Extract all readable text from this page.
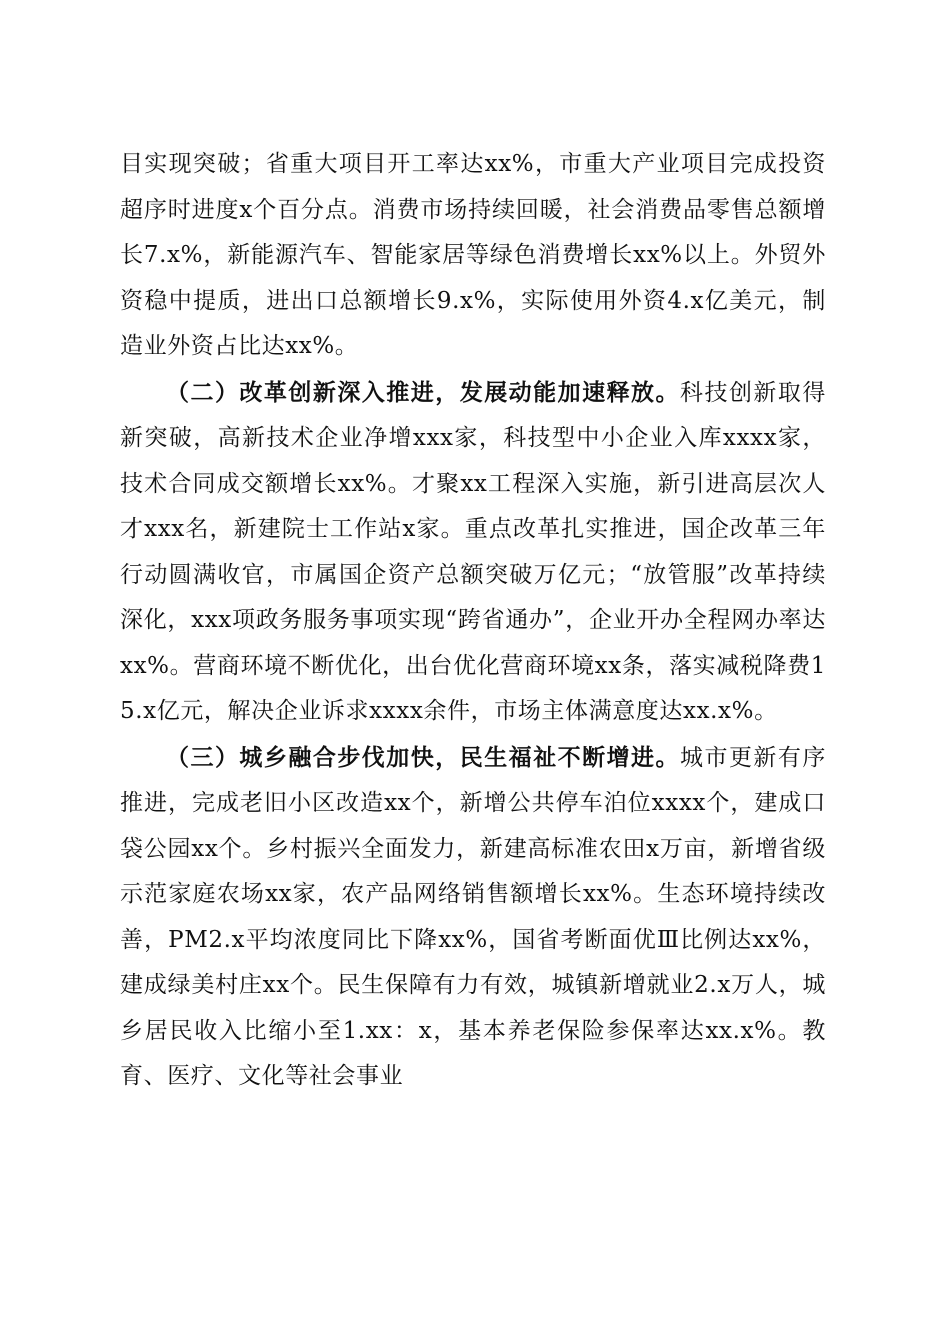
目实现突破；省重大项目开工率达xx%，市重大产业项目完成投资超序时进度x个百分点。消费市场持续回暖，社会消费品零售总额增长7.x%，新能源汽车、智能家居等绿色消费增长xx%以上。外贸外资稳中提质，进出口总额增长9.x%，实际使用外资4.x亿美元，制造业外资占比达xx%。

（二）改革创新深入推进，发展动能加速释放。科技创新取得新突破，高新技术企业净增xxx家，科技型中小企业入库xxxx家，技术合同成交额增长xx%。才聚xx工程深入实施，新引进高层次人才xxx名，新建院士工作站x家。重点改革扎实推进，国企改革三年行动圆满收官，市属国企资产总额突破万亿元；“放管服”改革持续深化，xxx项政务服务事项实现“跨省通办”，企业开办全程网办率达xx%。营商环境不断优化，出台优化营商环境xx条，落实减税降费15.x亿元，解决企业诉求xxxx余件，市场主体满意度达xx.x%。

（三）城乡融合步伐加快，民生福祉不断增进。城市更新有序推进，完成老旧小区改造xx个，新增公共停车泊位xxxx个，建成口袋公园xx个。乡村振兴全面发力，新建高标准农田x万亩，新增省级示范家庭农场xx家，农产品网络销售额增长xx%。生态环境持续改善，PM2.x平均浓度同比下降xx%，国省考断面优Ⅲ比例达xx%，建成绿美村庄xx个。民生保障有力有效，城镇新增就业2.x万人，城乡居民收入比缩小至1.xx：x，基本养老保险参保率达xx.x%。教育、医疗、文化等社会事业
